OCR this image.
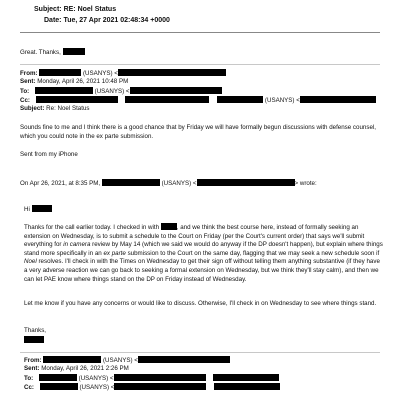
Subject: RE: Noel Status
Date: Tue, 27 Apr 2021 02:48:34 +0000
Great. Thanks,
From:	(USANYS) <
Sent: Monday, April 26, 2021 10:48 PM
To:	(USANYS) <
Cc:	(USANYS) <
Subject: Re: Noel Status
Sounds fine to me and I think there is a good chance that by Friday we will have formally begun discussions with defense counsel, which you could note in the ex parte submission.
Sent from my iPhone
On Apr 26, 2021, at 8:35 PM,	(USANYS) <	> wrote:
Hi
Thanks for the call earlier today. I checked in with	, and we think the best course here, instead of formally seeking an extension on Wednesday, is to submit a schedule to the Court on Friday (per the Court's current order) that says we'll submit everything for in camera review by May 14 (which we said we would do anyway if the DP doesn't happen), but explain where things stand more specifically in an ex parte submission to the Court on the same day, flagging that we may seek a new schedule soon if Noel resolves. I'll check in with the Times on Wednesday to get their sign off without telling them anything substantive (if they have a very adverse reaction we can go back to seeking a formal extension on Wednesday, but we think they'll stay calm), and then we can let PAE know where things stand on the DP on Friday instead of Wednesday.
Let me know if you have any concerns or would like to discuss. Otherwise, I'll check in on Wednesday to see where things stand.
Thanks,
From:	(USANYS) <
Sent: Monday, April 26, 2021 2:26 PM
To:	(USANYS) <
Cc:	(USANYS) <
